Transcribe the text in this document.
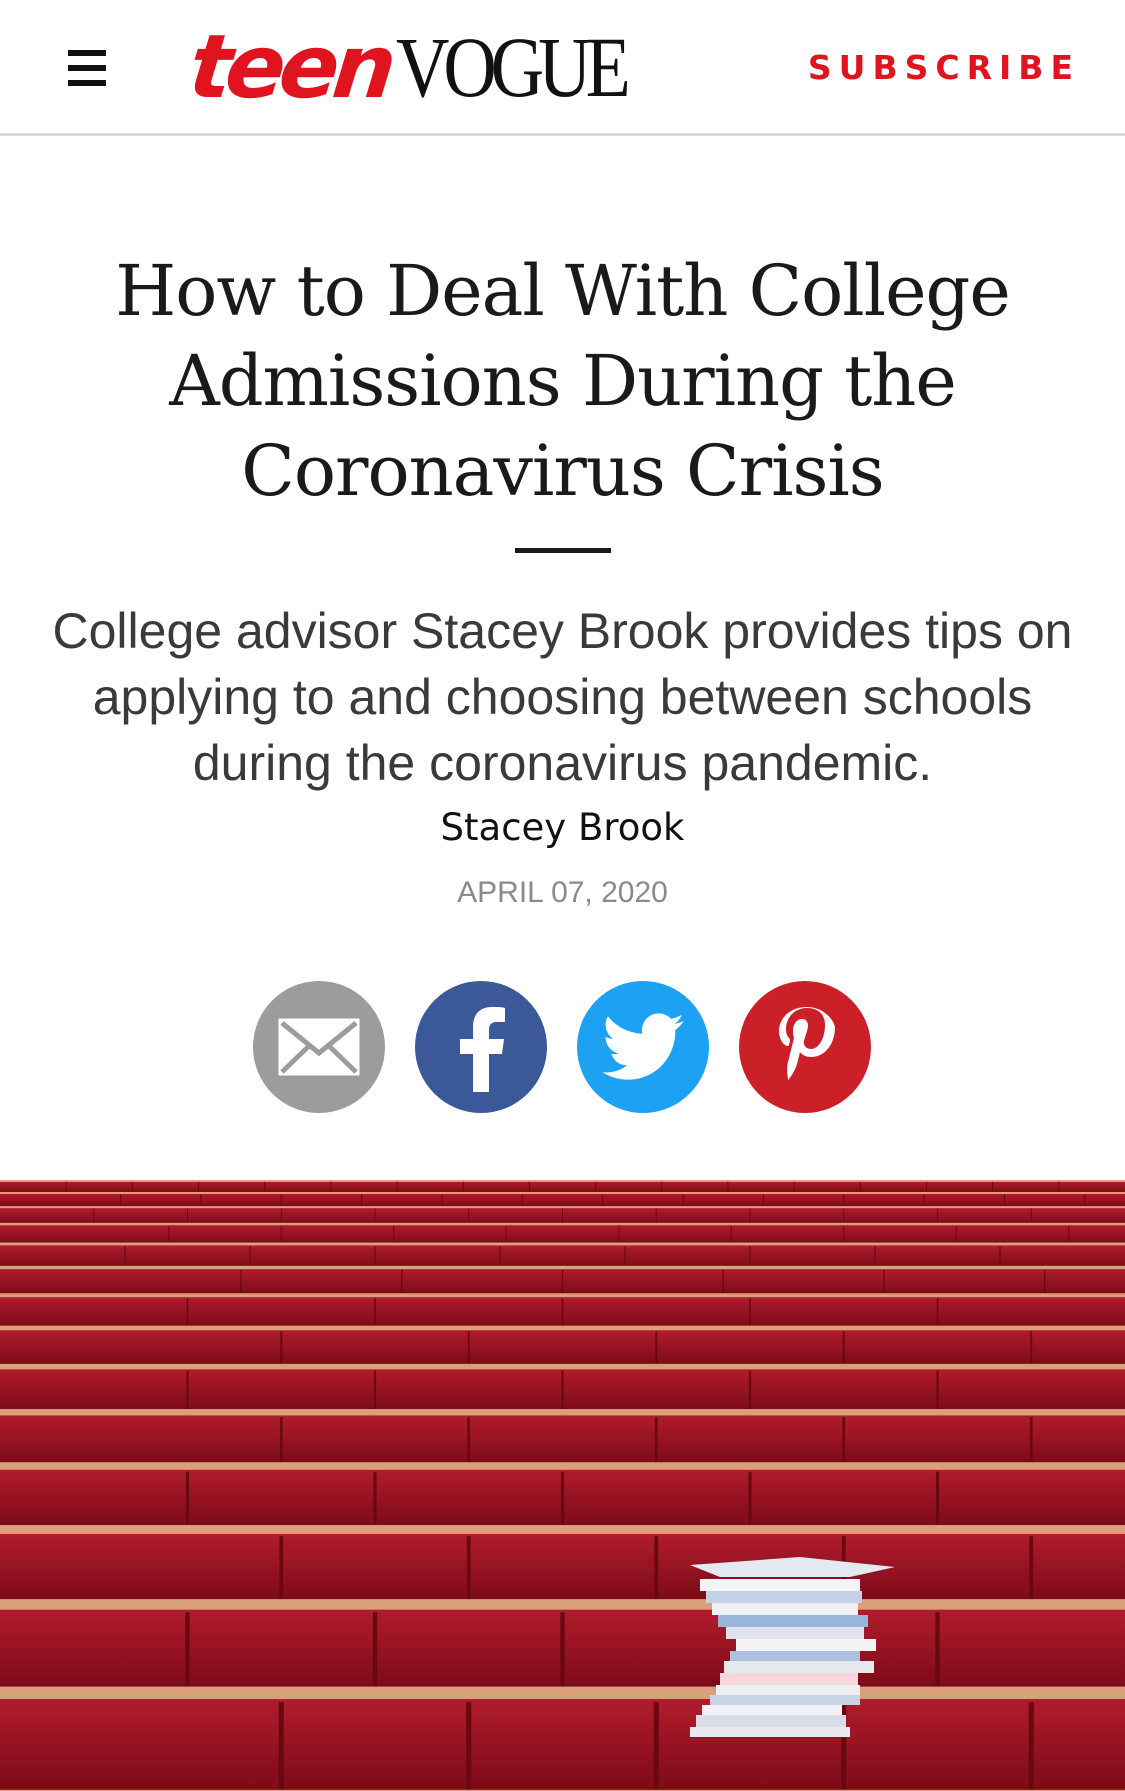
teenVOGUE	SUBSCRIBE
How to Deal With College Admissions During the Coronavirus Crisis
College advisor Stacey Brook provides tips on applying to and choosing between schools during the coronavirus pandemic.
Stacey Brook
APRIL 07, 2020
